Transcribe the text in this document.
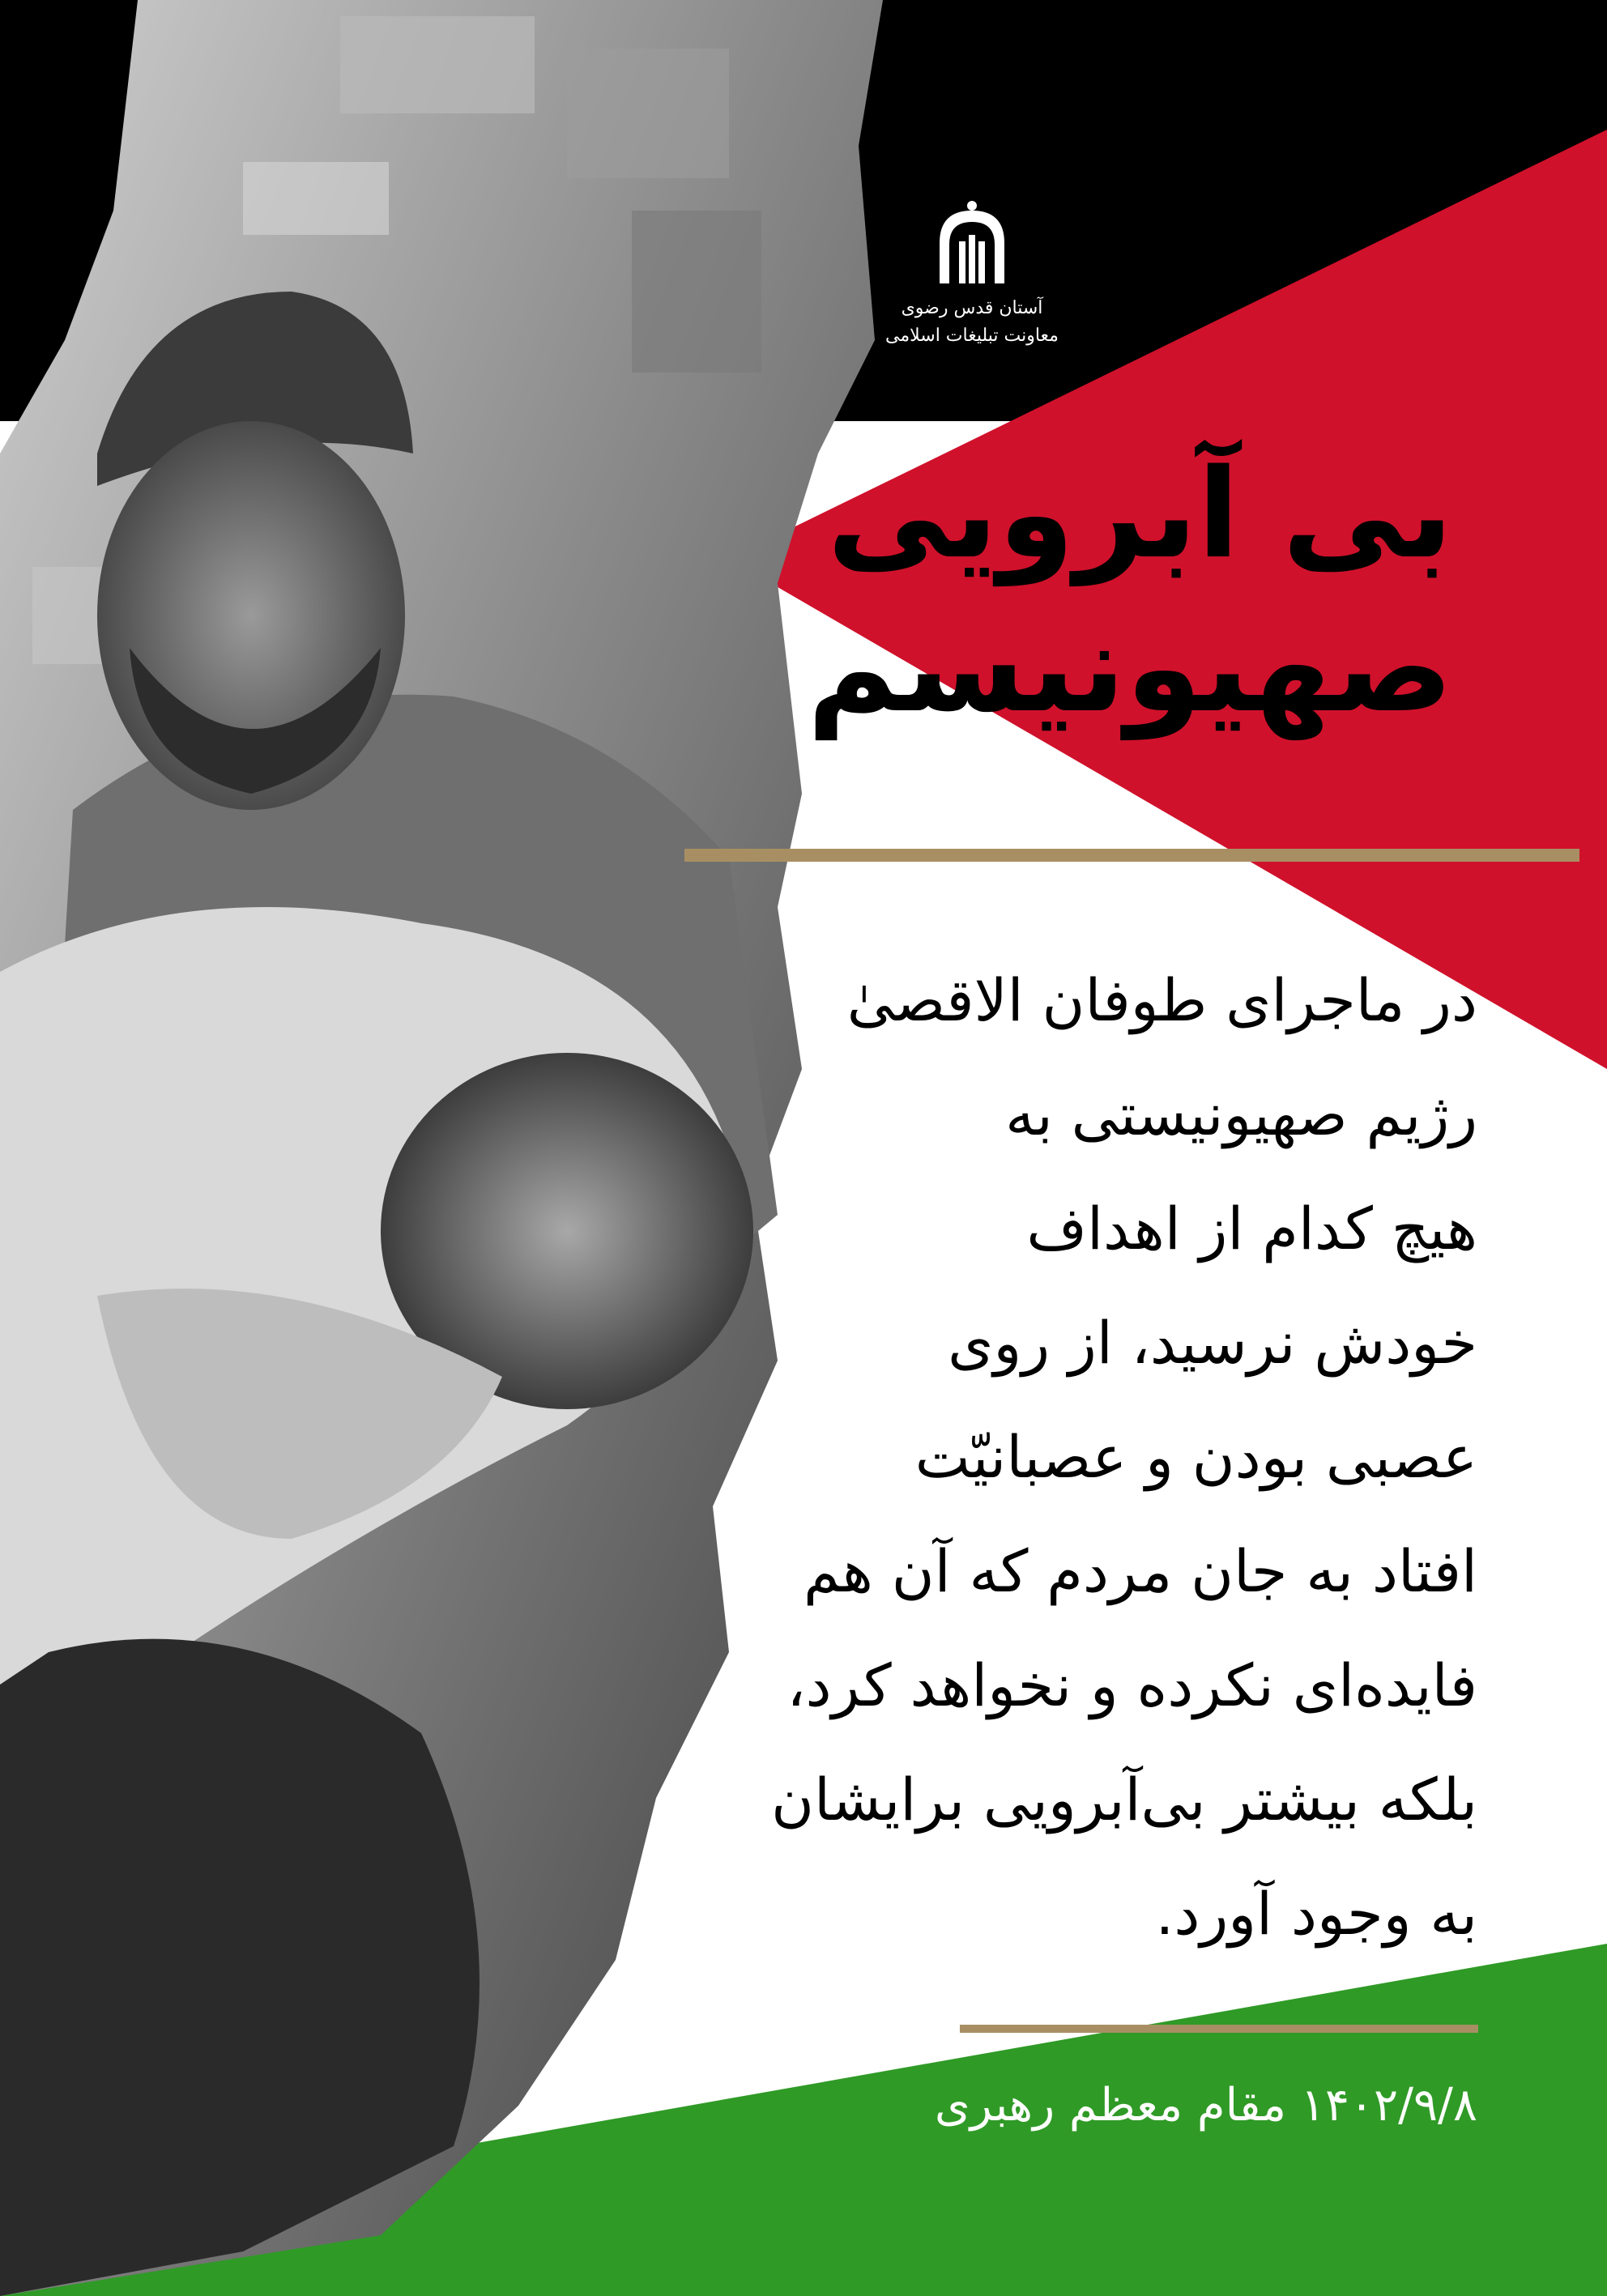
آستان قدس رضوی
معاونت تبلیغات اسلامی
بی آبرویی
صهیونیسم
در ماجرای طوفان الاقصیٰ
رژیم صهیونیستی به
هیچ کدام از اهداف
خودش نرسید، از روی
عصبی بودن و عصبانیّت
افتاد به جان مردم که آن هم
فایده‌ای نکرده و نخواهد کرد،
بلکه بیشتر بی‌آبرویی برایشان
به وجود آورد.
۱۴۰۲/۹/۸ مقام معظم رهبری
